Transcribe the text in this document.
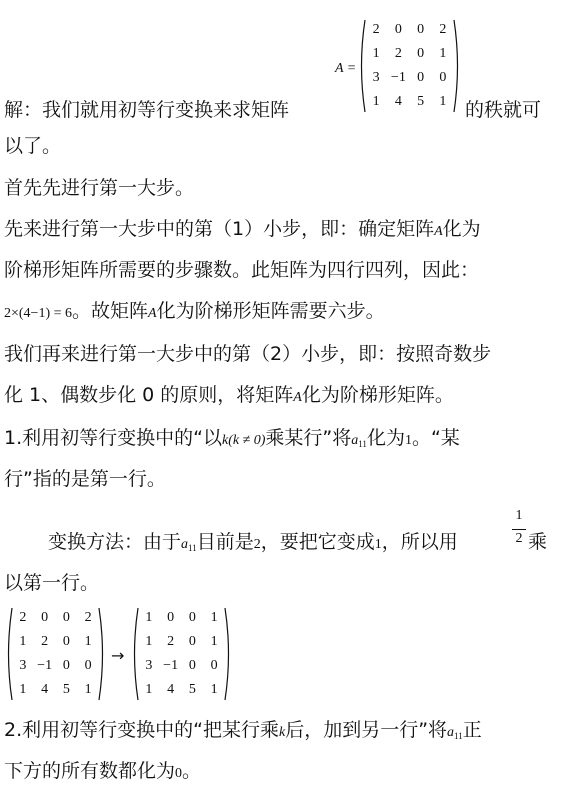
A =
2	0	0	2
1	2	0	1
3 −1 0	0
1	4	5	1
解：我们就用初等行变换来求矩阵	的秩就可
以了。
首先先进行第一大步。
先来进行第一大步中的第（1）小步，即：确定矩阵A化为
阶梯形矩阵所需要的步骤数。此矩阵为四行四列，因此：
2×(4−1) = 6。故矩阵A化为阶梯形矩阵需要六步。
我们再来进行第一大步中的第（2）小步，即：按照奇数步
化 1、偶数步化 0 的原则，将矩阵A化为阶梯形矩阵。
1.利用初等行变换中的“以k(k ≠ 0)乘某行”将$a_{11}$化为1。“某
行”指的是第一行。
变换方法：由于$a_{11}$目前是2，要把它变成1，所以用
1
2 乘
以第一行。
2	0	0	2
1	2	0	1
3 −1 0	0
1	4	5	1
→
1	0	0	1
1	2	0	1
3 −1 0	0
1	4	5	1
2.利用初等行变换中的“把某行乘k后，加到另一行”将$a_{11}$正
下方的所有数都化为0。
